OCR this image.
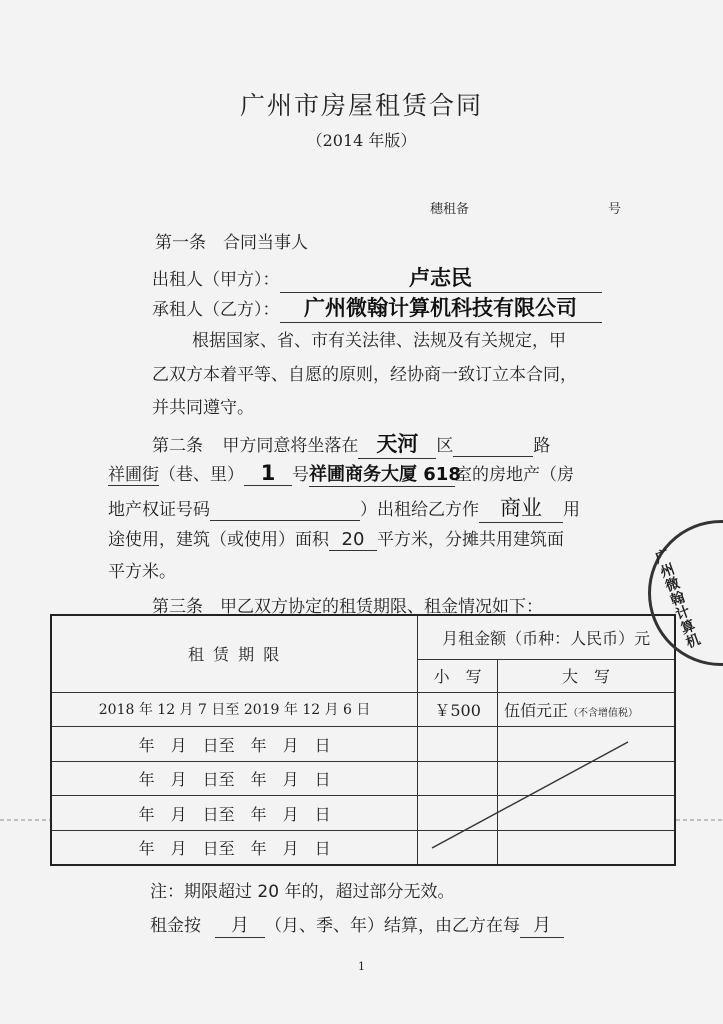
广州市房屋租赁合同
（2014 年版）
穗租备	号
第一条　合同当事人
出租人（甲方）：	卢志民
承租人（乙方）： 广州微翰计算机科技有限公司
根据国家、省、市有关法律、法规及有关规定，甲
乙双方本着平等、自愿的原则，经协商一致订立本合同，
并共同遵守。
第二条 甲方同意将坐落在 天河 区	路
祥圃街（巷、里） 1 号祥圃商务大厦 618室的房地产（房
地产权证号码	）出租给乙方作 商业 用
途使用，建筑（或使用）面积 20 平方米，分摊共用建筑面
平方米。
第三条　甲乙双方协定的租赁期限、租金情况如下：
租 赁 期 限	月租金额（币种：人民币）元	
	小　写	大　写
2018 年 12 月 7 日至 2019 年 12 月 6 日	￥500	伍佰元正（不含增值税）
年　月　日至　年　月　日		
年　月　日至　年　月　日		
年　月　日至　年　月　日		
年　月　日至　年　月　日		
广州微翰计算机
注：期限超过 20 年的，超过部分无效。
租金按 月 （月、季、年）结算，由乙方在每 月
1
